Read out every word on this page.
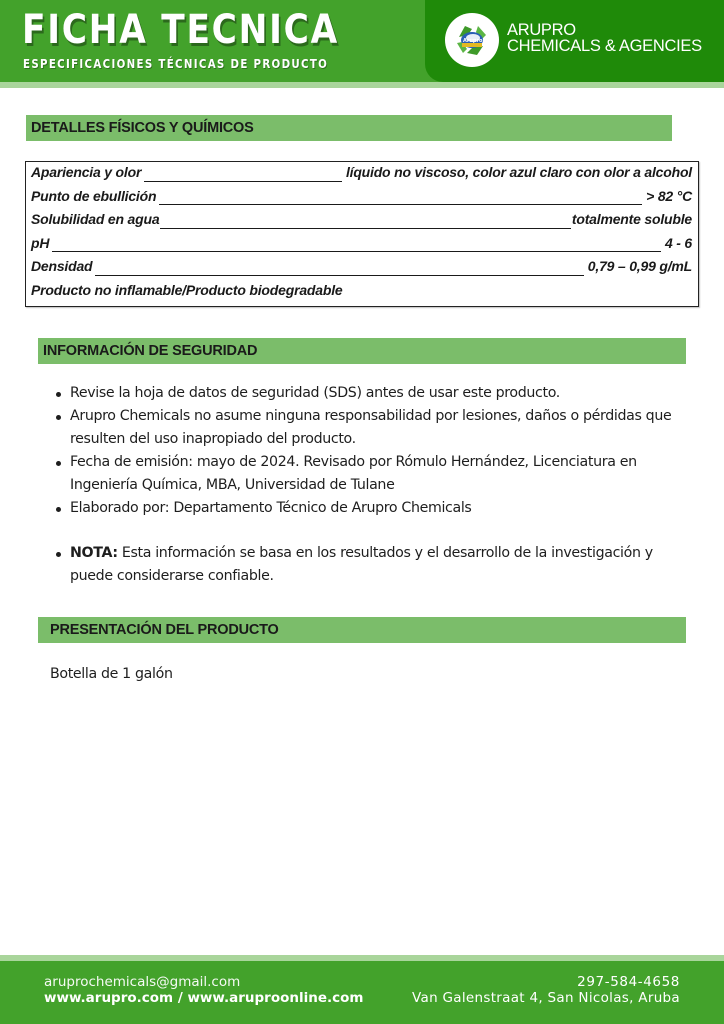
FICHA TECNICA
ESPECIFICACIONES TÉCNICAS DE PRODUCTO
Arupro
ARUPRO
CHEMICALS & AGENCIES
DETALLES FÍSICOS Y QUÍMICOS
Apariencia y olor	líquido no viscoso, color azul claro con olor a alcohol
Punto de ebullición	> 82 °C
Solubilidad en agua	totalmente soluble
pH	4 - 6
Densidad	0,79 – 0,99 g/mL
Producto no inflamable/Producto biodegradable
INFORMACIÓN DE SEGURIDAD
Revise la hoja de datos de seguridad (SDS) antes de usar este producto.
Arupro Chemicals no asume ninguna responsabilidad por lesiones, daños o pérdidas que resulten del uso inapropiado del producto.
Fecha de emisión: mayo de 2024. Revisado por Rómulo Hernández, Licenciatura en Ingeniería Química, MBA, Universidad de Tulane
Elaborado por: Departamento Técnico de Arupro Chemicals
NOTA: Esta información se basa en los resultados y el desarrollo de la investigación y puede considerarse confiable.
PRESENTACIÓN DEL PRODUCTO
Botella de 1 galón
aruprochemicals@gmail.com
www.arupro.com / www.aruproonline.com
297-584-4658
Van Galenstraat 4, San Nicolas, Aruba
